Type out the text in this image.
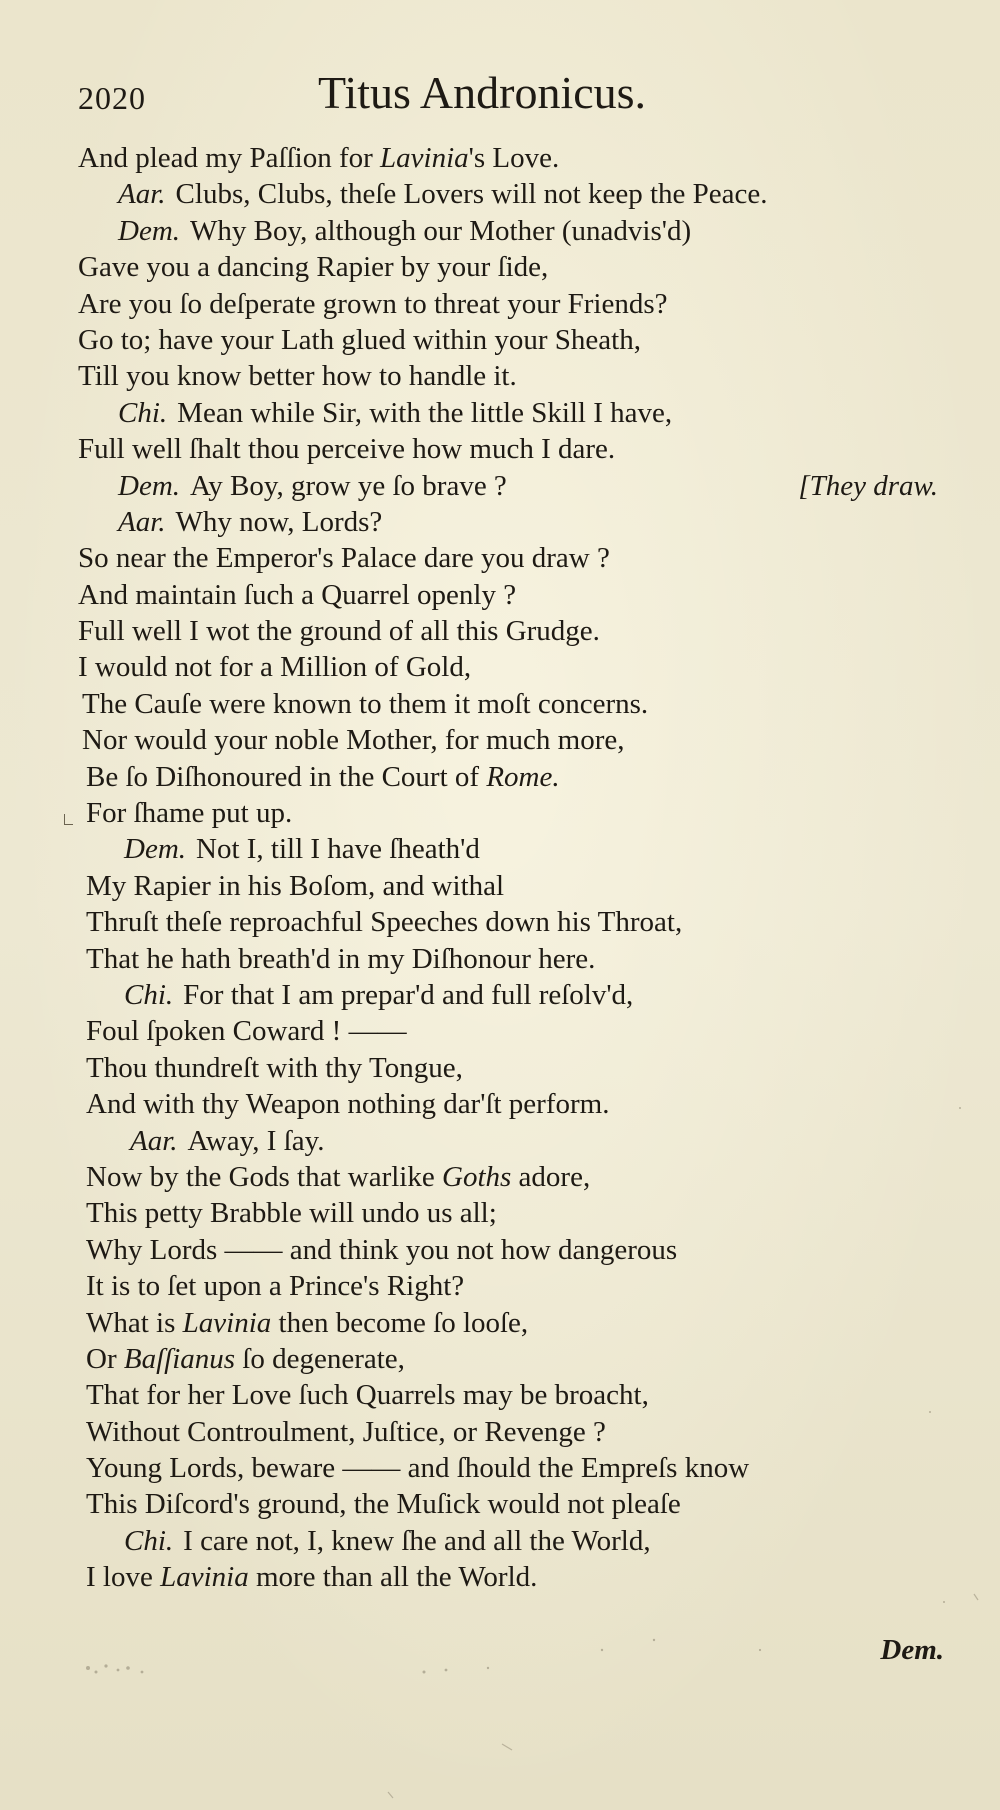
2020	Titus Andronicus.
And plead my Paſſion for Lavinia's Love.
Aar. Clubs, Clubs, theſe Lovers will not keep the Peace.
Dem. Why Boy, although our Mother (unadvis'd)
Gave you a dancing Rapier by your ſide,
Are you ſo deſperate grown to threat your Friends?
Go to; have your Lath glued within your Sheath,
Till you know better how to handle it.
Chi. Mean while Sir, with the little Skill I have,
Full well ſhalt thou perceive how much I dare.
Dem. Ay Boy, grow ye ſo brave ?	[They draw.
Aar. Why now, Lords?
So near the Emperor's Palace dare you draw ?
And maintain ſuch a Quarrel openly ?
Full well I wot the ground of all this Grudge.
I would not for a Million of Gold,
The Cauſe were known to them it moſt concerns.
Nor would your noble Mother, for much more,
Be ſo Diſhonoured in the Court of Rome.
For ſhame put up.
Dem. Not I, till I have ſheath'd
My Rapier in his Boſom, and withal
Thruſt theſe reproachful Speeches down his Throat,
That he hath breath'd in my Diſhonour here.
Chi. For that I am prepar'd and full reſolv'd,
Foul ſpoken Coward ! ——
Thou thundreſt with thy Tongue,
And with thy Weapon nothing dar'ſt perform.
Aar. Away, I ſay.
Now by the Gods that warlike Goths adore,
This petty Brabble will undo us all;
Why Lords —— and think you not how dangerous
It is to ſet upon a Prince's Right?
What is Lavinia then become ſo looſe,
Or Baſſianus ſo degenerate,
That for her Love ſuch Quarrels may be broacht,
Without Controulment, Juſtice, or Revenge ?
Young Lords, beware —— and ſhould the Empreſs know
This Diſcord's ground, the Muſick would not pleaſe
Chi. I care not, I, knew ſhe and all the World,
I love Lavinia more than all the World.
Dem.
